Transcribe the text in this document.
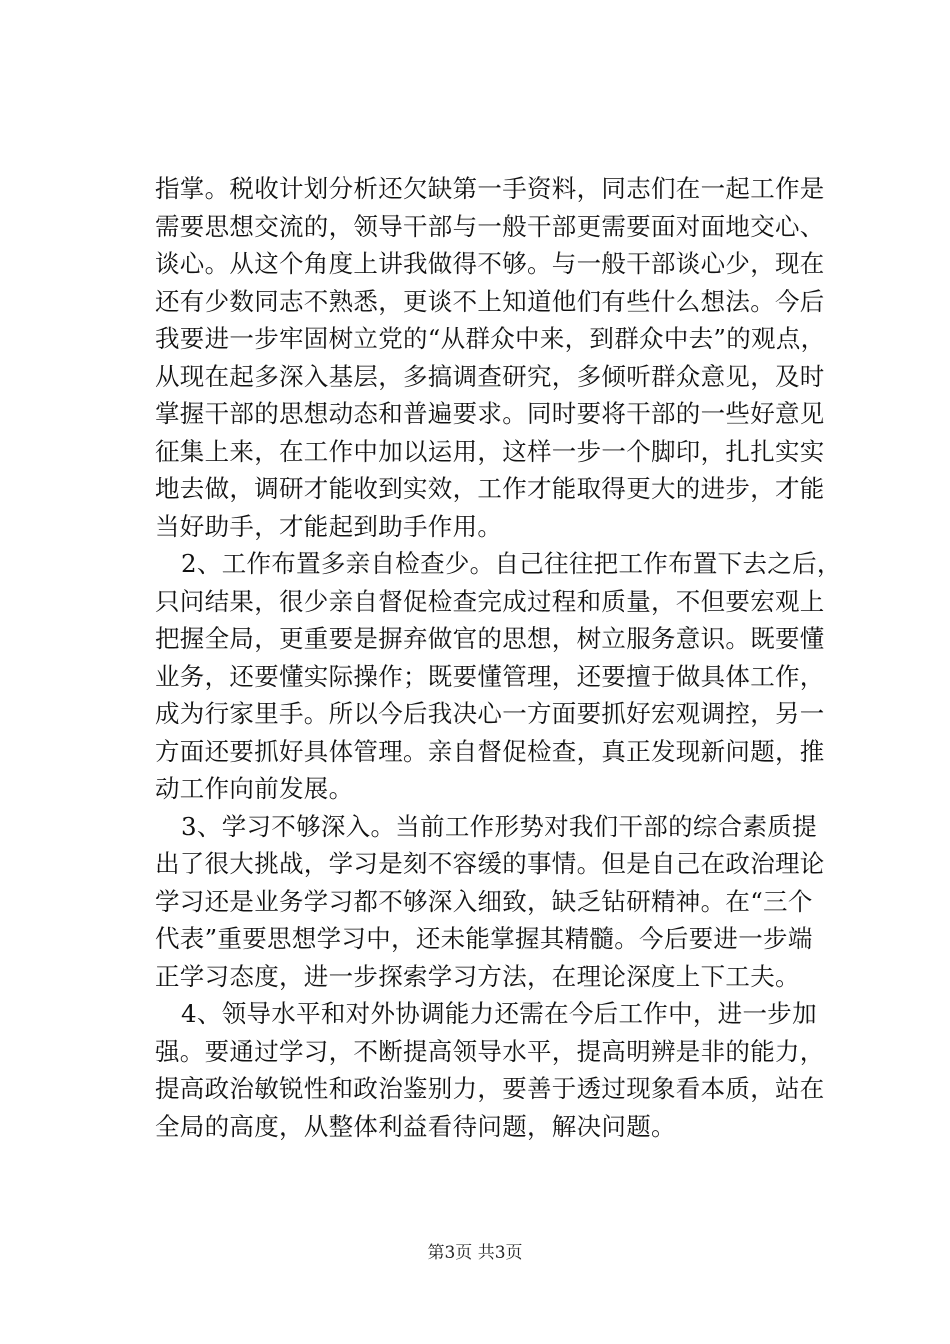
指掌。税收计划分析还欠缺第一手资料，同志们在一起工作是
需要思想交流的，领导干部与一般干部更需要面对面地交心、
谈心。从这个角度上讲我做得不够。与一般干部谈心少，现在
还有少数同志不熟悉，更谈不上知道他们有些什么想法。今后
我要进一步牢固树立党的“从群众中来，到群众中去”的观点，
从现在起多深入基层，多搞调查研究，多倾听群众意见，及时
掌握干部的思想动态和普遍要求。同时要将干部的一些好意见
征集上来，在工作中加以运用，这样一步一个脚印，扎扎实实
地去做，调研才能收到实效，工作才能取得更大的进步，才能
当好助手，才能起到助手作用。
2、工作布置多亲自检查少。自己往往把工作布置下去之后，
只问结果，很少亲自督促检查完成过程和质量，不但要宏观上
把握全局，更重要是摒弃做官的思想，树立服务意识。既要懂
业务，还要懂实际操作；既要懂管理，还要擅于做具体工作，
成为行家里手。所以今后我决心一方面要抓好宏观调控，另一
方面还要抓好具体管理。亲自督促检查，真正发现新问题，推
动工作向前发展。
3、学习不够深入。当前工作形势对我们干部的综合素质提
出了很大挑战，学习是刻不容缓的事情。但是自己在政治理论
学习还是业务学习都不够深入细致，缺乏钻研精神。在“三个
代表”重要思想学习中，还未能掌握其精髓。今后要进一步端
正学习态度，进一步探索学习方法，在理论深度上下工夫。
4、领导水平和对外协调能力还需在今后工作中，进一步加
强。要通过学习，不断提高领导水平，提高明辨是非的能力，
提高政治敏锐性和政治鉴别力，要善于透过现象看本质，站在
全局的高度，从整体利益看待问题，解决问题。
第3页 共3页
